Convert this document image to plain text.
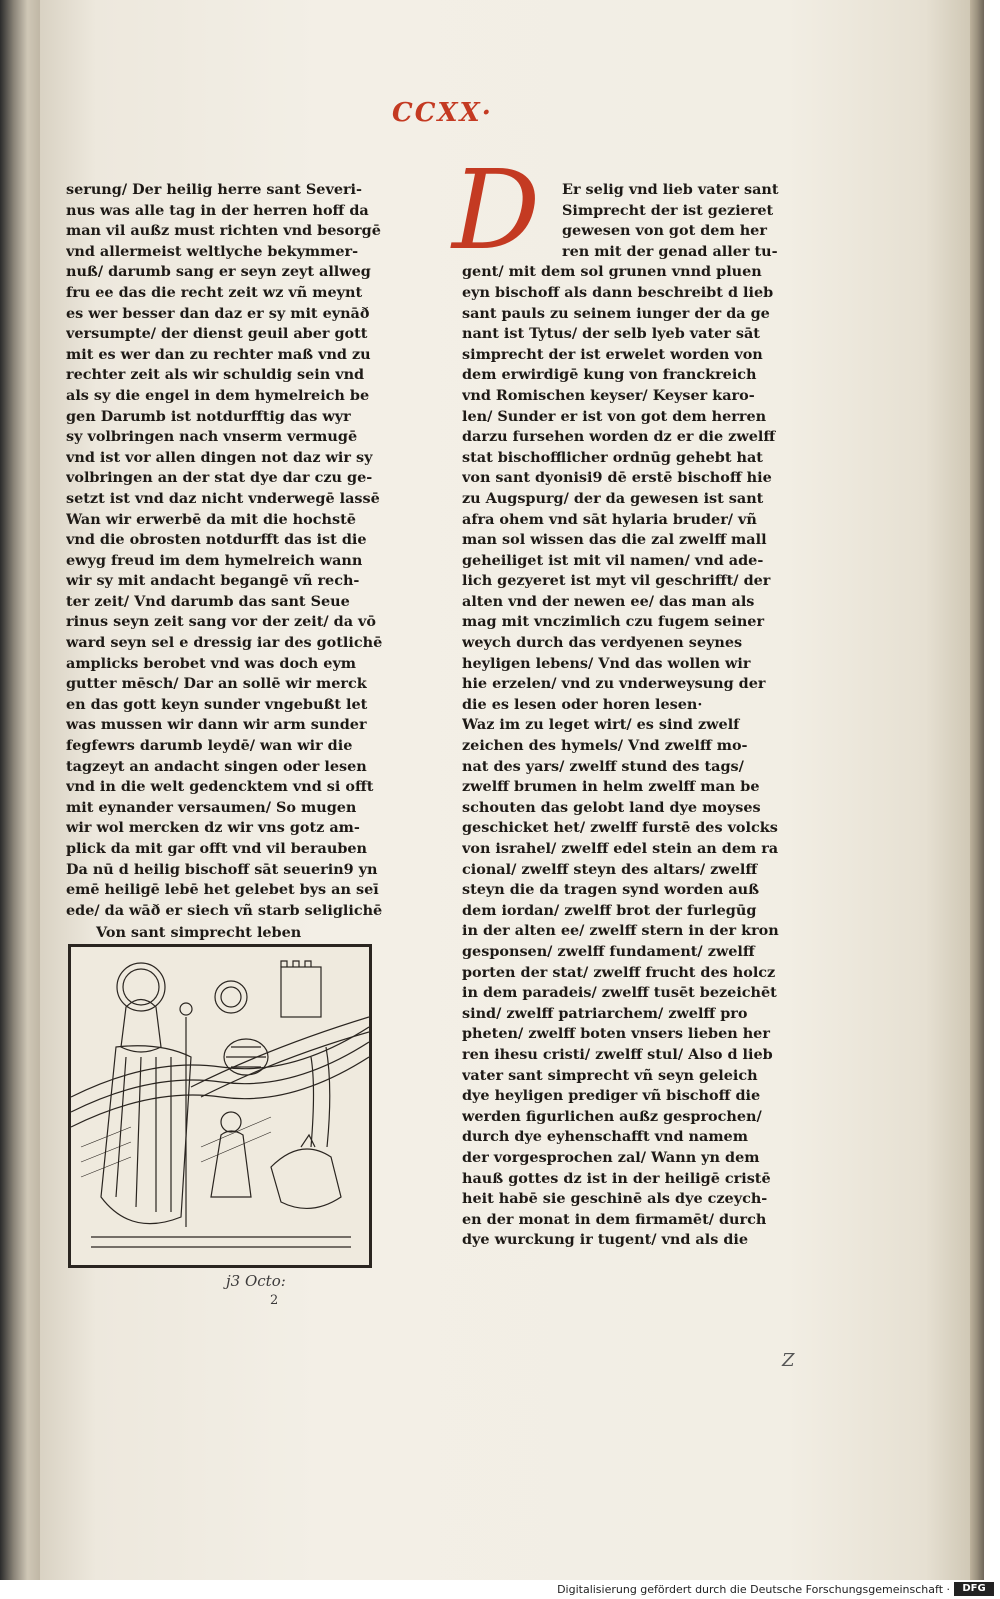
CCXX·
serung/ Der heilig herre sant Severi-
nus was alle tag in der herren hoff da
man vil außz must richten vnd besorgē
vnd allermeist weltlyche bekymmer-
nuß/ darumb sang er seyn zeyt allweg
fru ee das die recht zeit wz vñ meynt
es wer besser dan daz er sy mit eynāð
versumpte/ der dienst geuil aber gott
mit es wer dan zu rechter maß vnd zu
rechter zeit als wir schuldig sein vnd
als sy die engel in dem hymelreich be
gen Darumb ist notdurfftig das wyr
sy volbringen nach vnserm vermugē
vnd ist vor allen dingen not daz wir sy
volbringen an der stat dye dar czu ge-
setzt ist vnd daz nicht vnderwegē lassē
Wan wir erwerbē da mit die hochstē
vnd die obrosten notdurfft das ist die
ewyg freud im dem hymelreich wann
wir sy mit andacht begangē vñ rech-
ter zeit/ Vnd darumb das sant Seue
rinus seyn zeit sang vor der zeit/ da vō
ward seyn sel e dressig iar des gotlichē
amplicks berobet vnd was doch eym
gutter mēsch/ Dar an sollē wir merck
en das gott keyn sunder vngebußt let
was mussen wir dann wir arm sunder
fegfewrs darumb leydē/ wan wir die
tagzeyt an andacht singen oder lesen
vnd in die welt gedencktem vnd si offt
mit eynander versaumen/ So mugen
wir wol mercken dz wir vns gotz am-
plick da mit gar offt vnd vil berauben
Da nū d heilig bischoff sāt seuerin9 yn
emē heiligē lebē het gelebet bys an seī
ede/ da wāð er siech vñ starb seliglichē
D	Er selig vnd lieb vater sant
Simprecht der ist gezieret
gewesen von got dem her
ren mit der genad aller tu-
gent/ mit dem sol grunen vnnd pluen
eyn bischoff als dann beschreibt d lieb
sant pauls zu seinem iunger der da ge
nant ist Tytus/ der selb lyeb vater sāt
simprecht der ist erwelet worden von
dem erwirdigē kung von franckreich
vnd Romischen keyser/ Keyser karo-
len/ Sunder er ist von got dem herren
darzu fursehen worden dz er die zwelff
stat bischofflicher ordnūg gehebt hat
von sant dyonisi9 dē erstē bischoff hie
zu Augspurg/ der da gewesen ist sant
afra ohem vnd sāt hylaria bruder/ vñ
man sol wissen das die zal zwelff mall
geheiliget ist mit vil namen/ vnd ade-
lich gezyeret ist myt vil geschrifft/ der
alten vnd der newen ee/ das man als
mag mit vnczimlich czu fugem seiner
weych durch das verdyenen seynes
heyligen lebens/ Vnd das wollen wir
hie erzelen/ vnd zu vnderweysung der
die es lesen oder horen lesen·
Waz im zu leget wirt/ es sind zwelf
zeichen des hymels/ Vnd zwelff mo-
nat des yars/ zwelff stund des tags/
zwelff brumen in helm zwelff man be
schouten das gelobt land dye moyses
geschicket het/ zwelff furstē des volcks
von israhel/ zwelff edel stein an dem ra
cional/ zwelff steyn des altars/ zwelff
steyn die da tragen synd worden auß
dem iordan/ zwelff brot der furlegūg
in der alten ee/ zwelff stern in der kron
gesponsen/ zwelff fundament/ zwelff
porten der stat/ zwelff frucht des holcz
in dem paradeis/ zwelff tusēt bezeichēt
sind/ zwelff patriarchem/ zwelff pro
pheten/ zwelff boten vnsers lieben her
ren ihesu cristi/ zwelff stul/ Also d lieb
vater sant simprecht vñ seyn geleich
dye heyligen prediger vñ bischoff die
werden figurlichen außz gesprochen/
durch dye eyhenschafft vnd namem
der vorgesprochen zal/ Wann yn dem
hauß gottes dz ist in der heiligē cristē
heit habē sie geschinē als dye czeych-
en der monat in dem firmamēt/ durch
dye wurckung ir tugent/ vnd als die
Von sant simprecht leben
j3 Octo:
2
Z
Digitalisierung gefördert durch die Deutsche Forschungsgemeinschaft ·	DFG
